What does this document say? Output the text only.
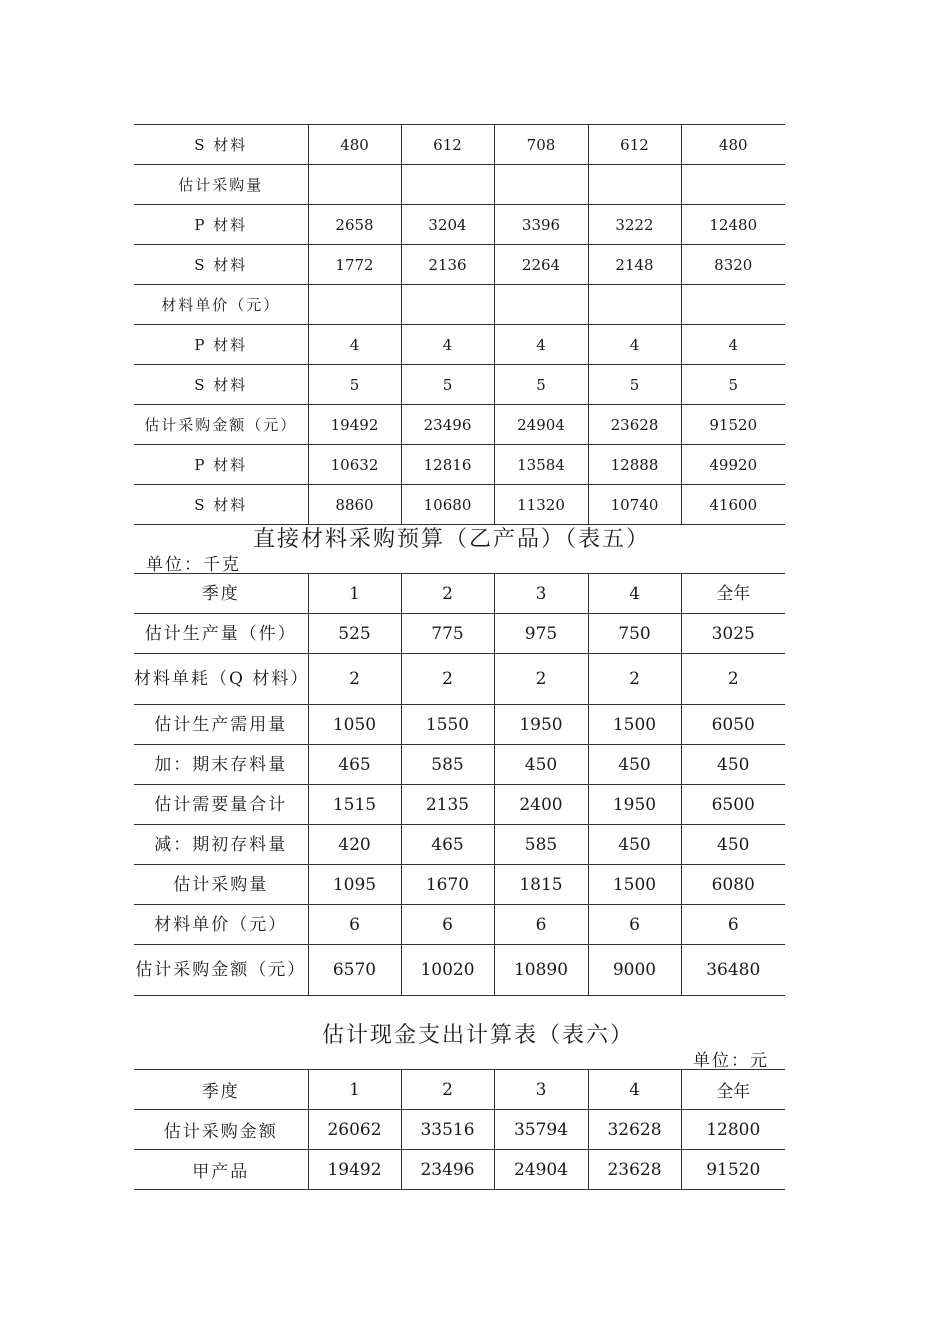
S 材料	480	612	708	612	480
估计采购量					
P 材料	2658	3204	3396	3222	12480
S 材料	1772	2136	2264	2148	8320
材料单价（元）					
P 材料	4	4	4	4	4
S 材料	5	5	5	5	5
估计采购金额（元）	19492	23496	24904	23628	91520
P 材料	10632	12816	13584	12888	49920
S 材料	8860	10680	11320	10740	41600
直接材料采购预算（乙产品）（表五）
单位：千克
季度	1	2	3	4	全年
估计生产量（件）	525	775	975	750	3025
材料单耗（Q 材料）	2	2	2	2	2
估计生产需用量	1050	1550	1950	1500	6050
加：期末存料量	465	585	450	450	450
估计需要量合计	1515	2135	2400	1950	6500
减：期初存料量	420	465	585	450	450
估计采购量	1095	1670	1815	1500	6080
材料单价（元）	6	6	6	6	6
估计采购金额（元）	6570	10020	10890	9000	36480
估计现金支出计算表（表六）
单位：元
季度	1	2	3	4	全年
估计采购金额	26062	33516	35794	32628	12800
甲产品	19492	23496	24904	23628	91520
